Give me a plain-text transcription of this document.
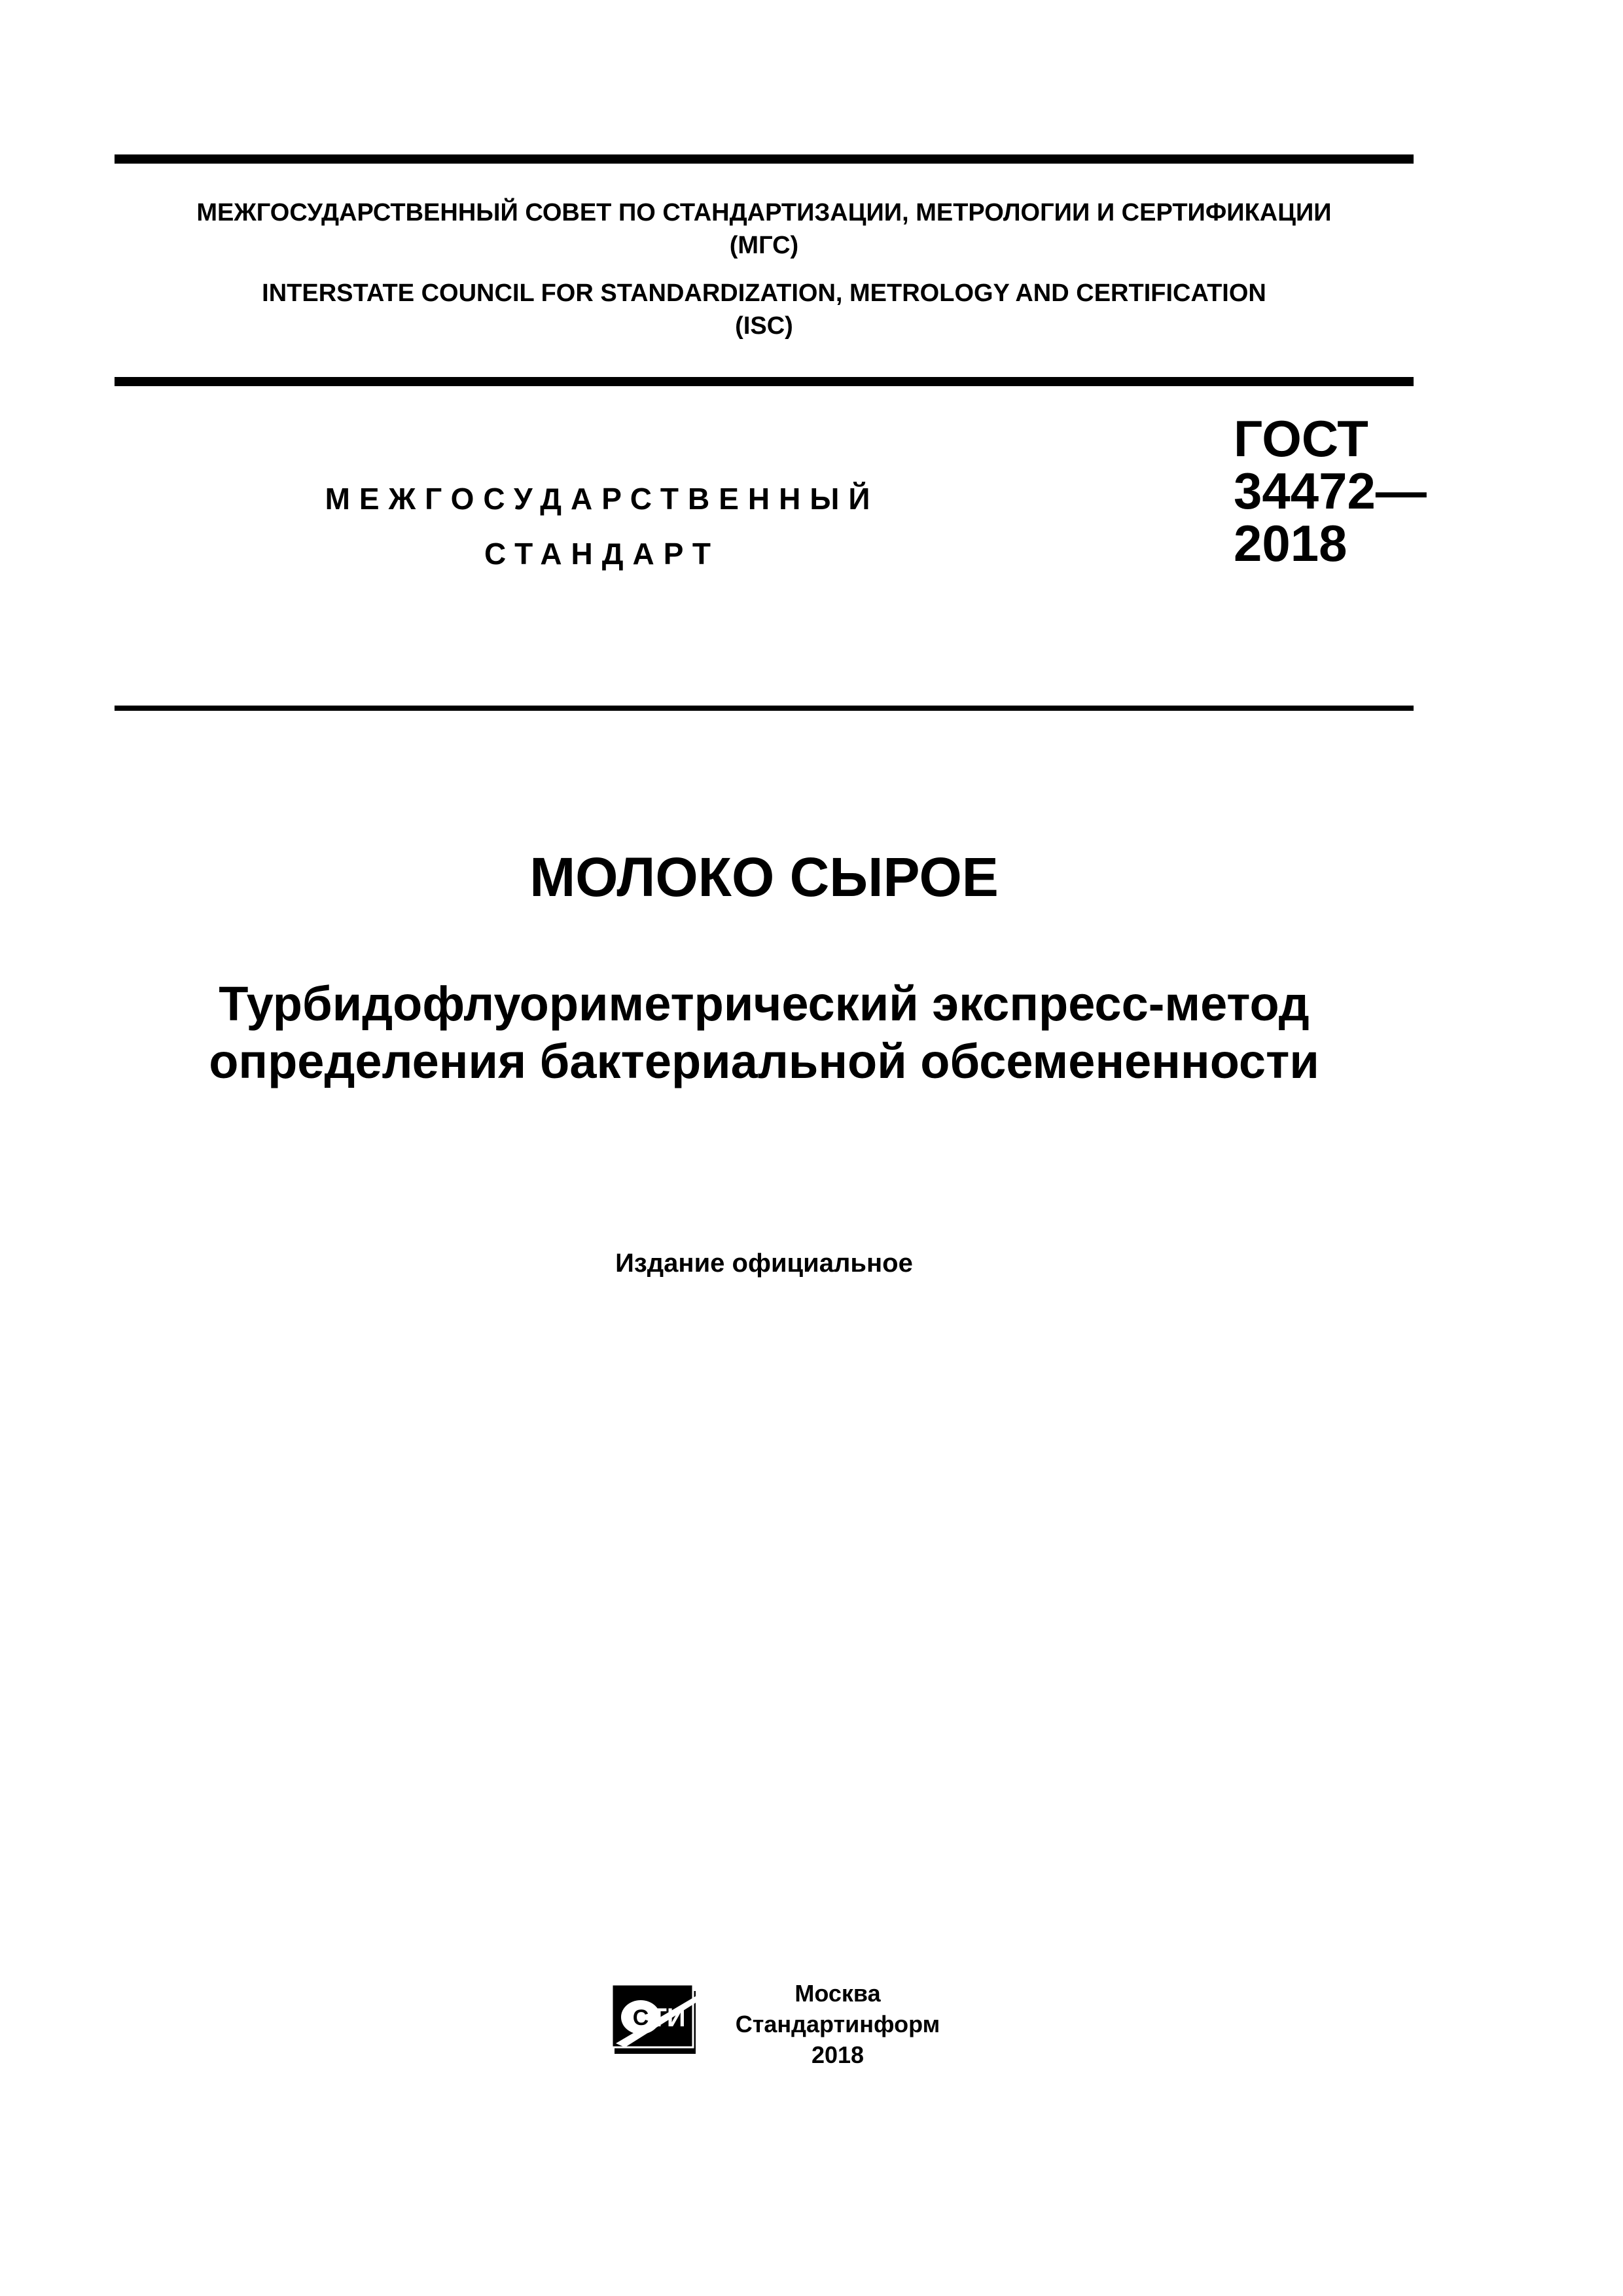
МЕЖГОСУДАРСТВЕННЫЙ СОВЕТ ПО СТАНДАРТИЗАЦИИ, МЕТРОЛОГИИ И СЕРТИФИКАЦИИ
(МГС)
INTERSTATE COUNCIL FOR STANDARDIZATION, METROLOGY AND CERTIFICATION
(ISC)
МЕЖГОСУДАРСТВЕННЫЙ
СТАНДАРТ
ГОСТ
34472—
2018
МОЛОКО СЫРОЕ
Турбидофлуориметрический экспресс-метод
определения бактериальной обсемененности
Издание официальное
С ТИ
Москва
Стандартинформ
2018
